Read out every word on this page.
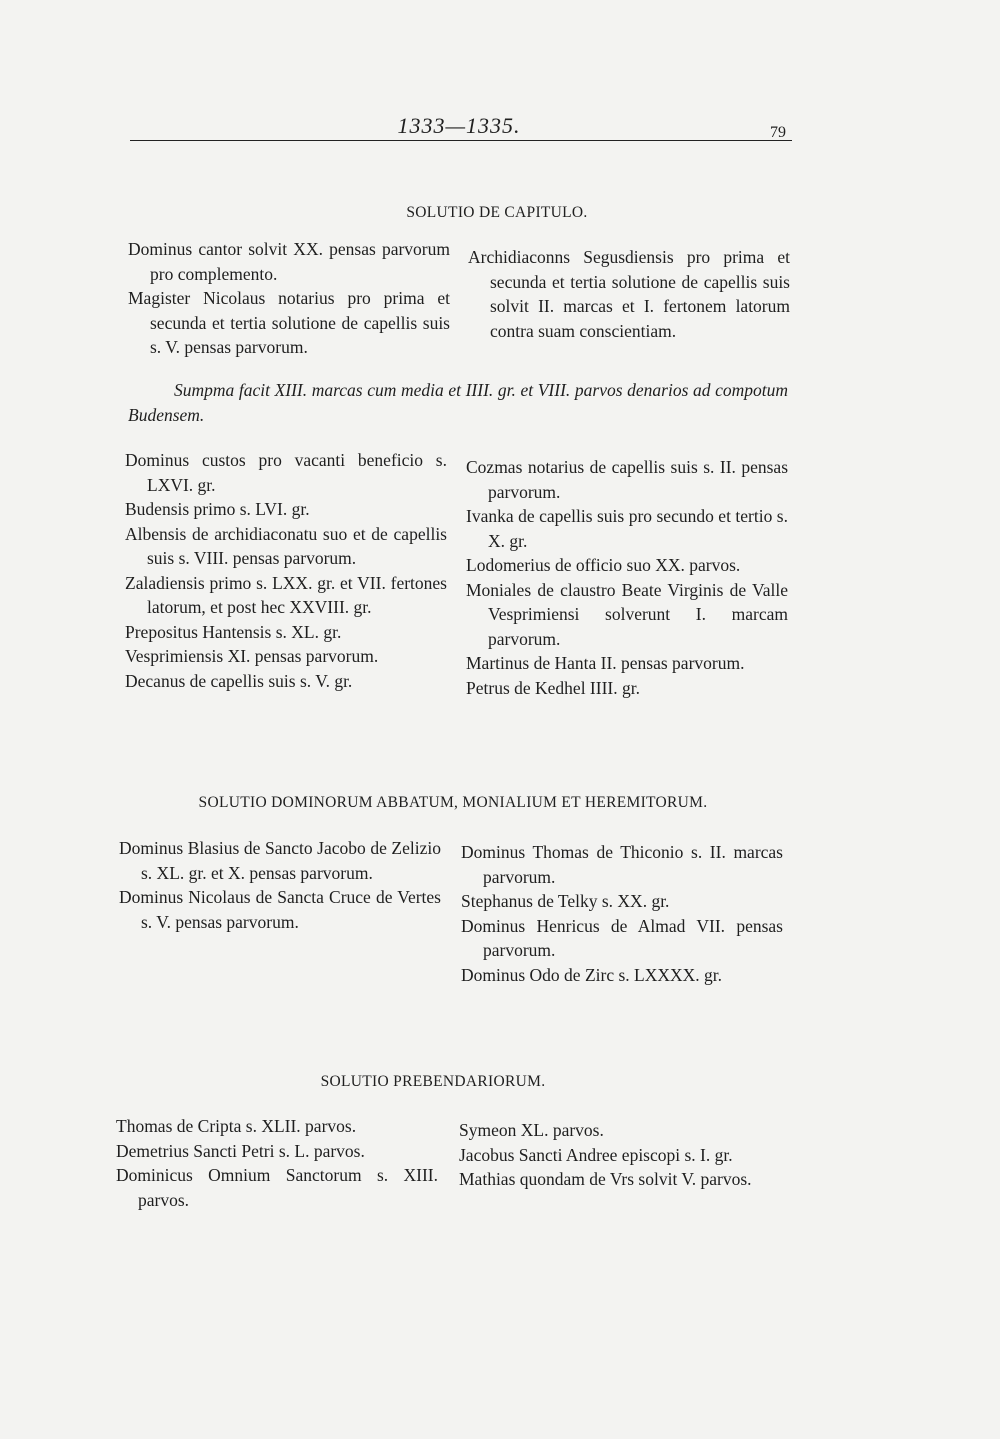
1333—1335.	79
SOLUTIO DE CAPITULO.

Dominus cantor solvit XX. pensas parvorum pro complemento.

Magister Nicolaus notarius pro prima et secunda et tertia solutione de capellis suis s. V. pensas parvorum.

Archidiaconns Segusdiensis pro prima et secunda et tertia solutione de capellis suis solvit II. marcas et I. fertonem latorum contra suam conscientiam.

Sumpma facit XIII. marcas cum media et IIII. gr. et VIII. parvos denarios ad compotum Budensem.

Dominus custos pro vacanti beneficio s. LXVI. gr.

Budensis primo s. LVI. gr.

Albensis de archidiaconatu suo et de capellis suis s. VIII. pensas parvorum.

Zaladiensis primo s. LXX. gr. et VII. fertones latorum, et post hec XXVIII. gr.

Prepositus Hantensis s. XL. gr.

Vesprimiensis XI. pensas parvorum.

Decanus de capellis suis s. V. gr.

Cozmas notarius de capellis suis s. II. pensas parvorum.

Ivanka de capellis suis pro secundo et tertio s. X. gr.

Lodomerius de officio suo XX. parvos.

Moniales de claustro Beate Virginis de Valle Vesprimiensi solverunt I. marcam parvorum.

Martinus de Hanta II. pensas parvorum.

Petrus de Kedhel IIII. gr.

SOLUTIO DOMINORUM ABBATUM, MONIALIUM ET HEREMITORUM.

Dominus Blasius de Sancto Jacobo de Zelizio s. XL. gr. et X. pensas parvorum.

Dominus Nicolaus de Sancta Cruce de Vertes s. V. pensas parvorum.

Dominus Thomas de Thiconio s. II. marcas parvorum.

Stephanus de Telky s. XX. gr.

Dominus Henricus de Almad VII. pensas parvorum.

Dominus Odo de Zirc s. LXXXX. gr.

SOLUTIO PREBENDARIORUM.

Thomas de Cripta s. XLII. parvos.

Demetrius Sancti Petri s. L. parvos.

Dominicus Omnium Sanctorum s. XIII. parvos.

Symeon XL. parvos.

Jacobus Sancti Andree episcopi s. I. gr.

Mathias quondam de Vrs solvit V. parvos.
